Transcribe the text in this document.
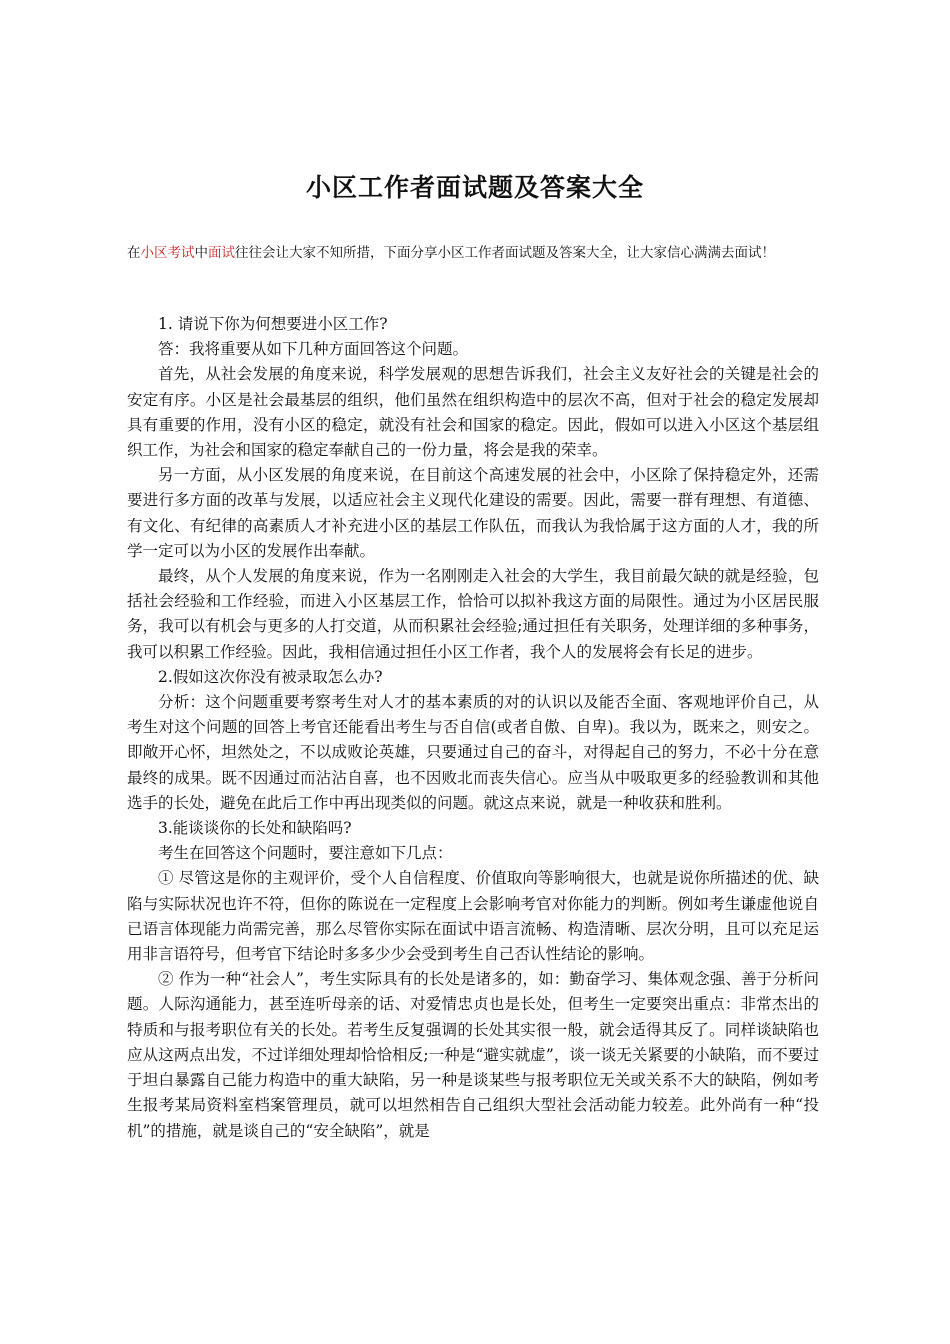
小区工作者面试题及答案大全
在小区考试中面试往往会让大家不知所措，下面分享小区工作者面试题及答案大全，让大家信心满满去面试！

1. 请说下你为何想要进小区工作?

答：我将重要从如下几种方面回答这个问题。

首先，从社会发展的角度来说，科学发展观的思想告诉我们，社会主义友好社会的关键是社会的安定有序。小区是社会最基层的组织，他们虽然在组织构造中的层次不高，但对于社会的稳定发展却具有重要的作用，没有小区的稳定，就没有社会和国家的稳定。因此，假如可以进入小区这个基层组织工作，为社会和国家的稳定奉献自己的一份力量，将会是我的荣幸。

另一方面，从小区发展的角度来说，在目前这个高速发展的社会中，小区除了保持稳定外，还需要进行多方面的改革与发展，以适应社会主义现代化建设的需要。因此，需要一群有理想、有道德、有文化、有纪律的高素质人才补充进小区的基层工作队伍，而我认为我恰属于这方面的人才，我的所学一定可以为小区的发展作出奉献。

最终，从个人发展的角度来说，作为一名刚刚走入社会的大学生，我目前最欠缺的就是经验，包括社会经验和工作经验，而进入小区基层工作，恰恰可以拟补我这方面的局限性。通过为小区居民服务，我可以有机会与更多的人打交道，从而积累社会经验;通过担任有关职务，处理详细的多种事务，我可以积累工作经验。因此，我相信通过担任小区工作者，我个人的发展将会有长足的进步。

2.假如这次你没有被录取怎么办?

分析：这个问题重要考察考生对人才的基本素质的对的认识以及能否全面、客观地评价自己，从考生对这个问题的回答上考官还能看出考生与否自信(或者自傲、自卑)。我以为，既来之，则安之。即敞开心怀，坦然处之，不以成败论英雄，只要通过自己的奋斗，对得起自己的努力，不必十分在意最终的成果。既不因通过而沾沾自喜，也不因败北而丧失信心。应当从中吸取更多的经验教训和其他选手的长处，避免在此后工作中再出现类似的问题。就这点来说，就是一种收获和胜利。

3.能谈谈你的长处和缺陷吗?

考生在回答这个问题时，要注意如下几点：

① 尽管这是你的主观评价，受个人自信程度、价值取向等影响很大，也就是说你所描述的优、缺陷与实际状况也许不符，但你的陈说在一定程度上会影响考官对你能力的判断。例如考生谦虚他说自已语言体现能力尚需完善，那么尽管你实际在面试中语言流畅、构造清晰、层次分明，且可以充足运用非言语符号，但考官下结论时多多少少会受到考生自己否认性结论的影响。

② 作为一种“社会人”，考生实际具有的长处是诸多的，如：勤奋学习、集体观念强、善于分析问题。人际沟通能力，甚至连听母亲的话、对爱情忠贞也是长处，但考生一定要突出重点：非常杰出的特质和与报考职位有关的长处。若考生反复强调的长处其实很一般，就会适得其反了。同样谈缺陷也应从这两点出发，不过详细处理却恰恰相反;一种是“避实就虚”，谈一谈无关紧要的小缺陷，而不要过于坦白暴露自己能力构造中的重大缺陷，另一种是谈某些与报考职位无关或关系不大的缺陷，例如考生报考某局资料室档案管理员，就可以坦然相告自己组织大型社会活动能力较差。此外尚有一种“投机”的措施，就是谈自己的“安全缺陷”，就是
